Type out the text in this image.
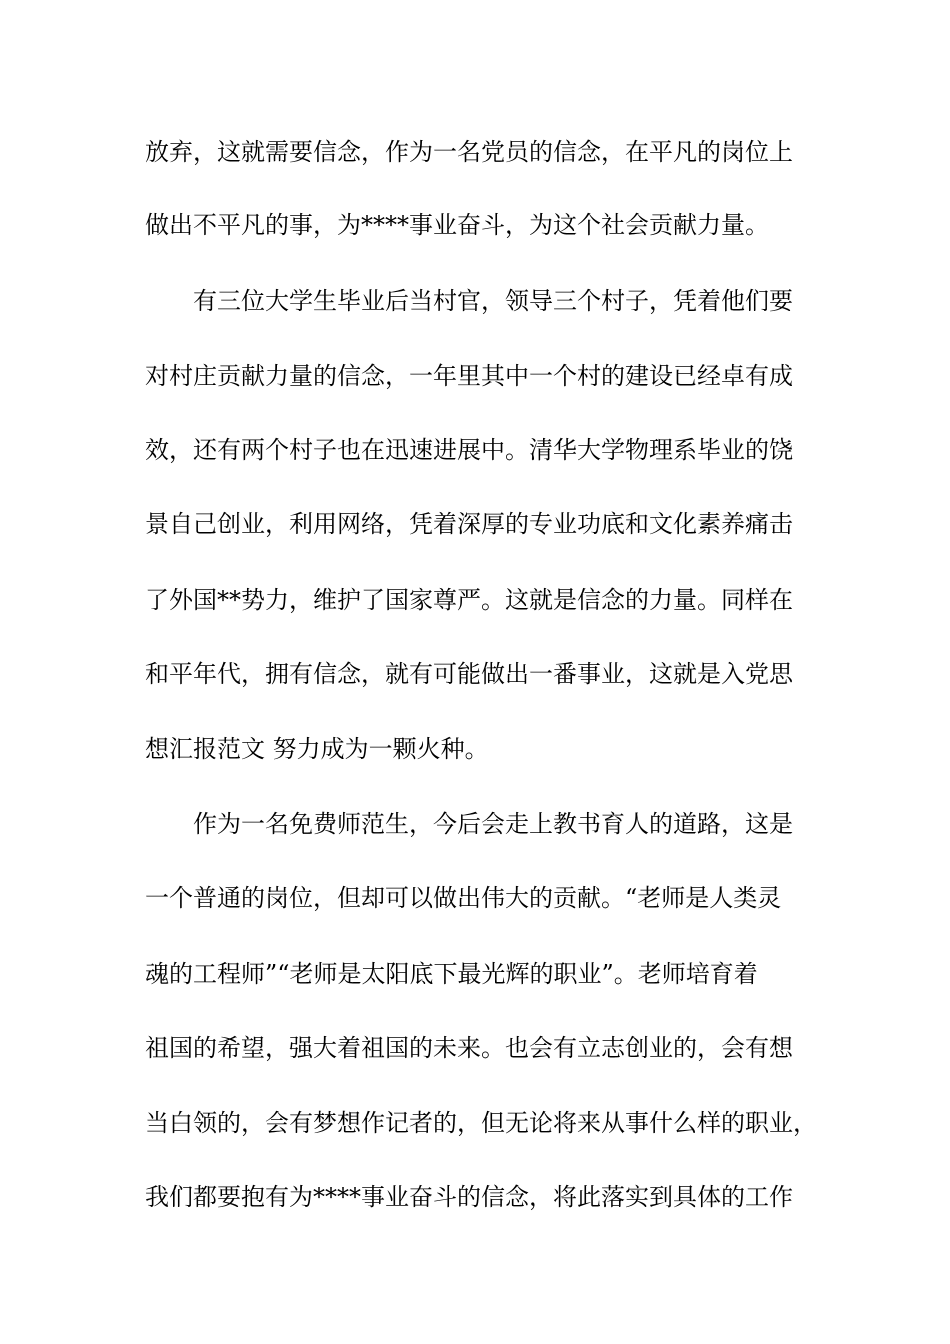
放弃，这就需要信念，作为一名党员的信念，在平凡的岗位上
做出不平凡的事，为****事业奋斗，为这个社会贡献力量。
有三位大学生毕业后当村官，领导三个村子，凭着他们要
对村庄贡献力量的信念，一年里其中一个村的建设已经卓有成
效，还有两个村子也在迅速进展中。清华大学物理系毕业的饶
景自己创业，利用网络，凭着深厚的专业功底和文化素养痛击
了外国**势力，维护了国家尊严。这就是信念的力量。同样在
和平年代，拥有信念，就有可能做出一番事业，这就是入党思
想汇报范文 努力成为一颗火种。
作为一名免费师范生，今后会走上教书育人的道路，这是
一个普通的岗位，但却可以做出伟大的贡献。“老师是人类灵
魂的工程师”“老师是太阳底下最光辉的职业”。老师培育着
祖国的希望，强大着祖国的未来。也会有立志创业的，会有想
当白领的，会有梦想作记者的，但无论将来从事什么样的职业，
我们都要抱有为****事业奋斗的信念，将此落实到具体的工作
